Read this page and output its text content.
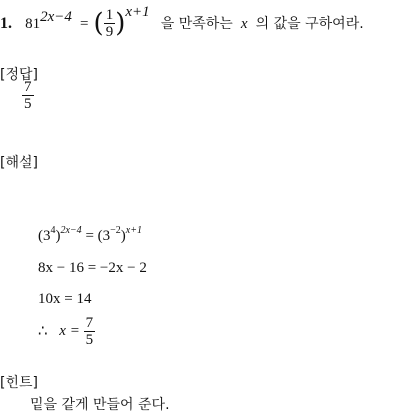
1. $81^{2x-4}$ = ( $\frac{1}{9} )^{x+1}$ 을 만족하는 x 의 값을 구하여라.
[정답]
$\frac{7}{5}$
[해설]
$(3^4)^{2x-4} = (3^{-2})^{x+1}$
8x − 16 = −2x − 2
10x = 14
∴ $x = \frac{7}{5}$
[힌트]
밑을 같게 만들어 준다.
